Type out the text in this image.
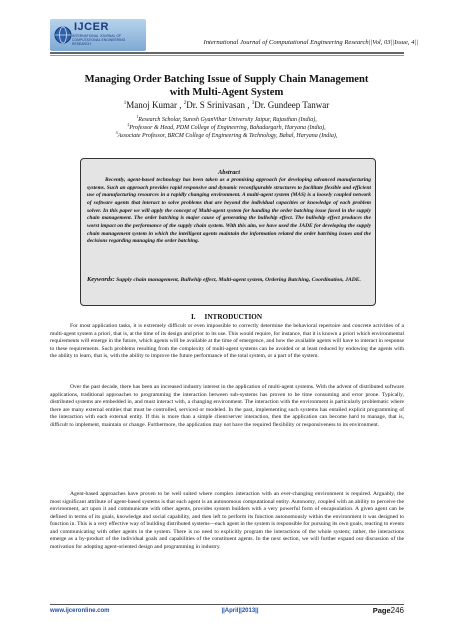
IJCER
INTERNATIONAL JOURNAL OF COMPUTATIONAL ENGINEERING RESEARCH	International Journal of Computational Engineering Research||Vol, 03||Issue, 4||
Managing Order Batching Issue of Supply Chain Management
with Multi-Agent System
$^1$Manoj Kumar , $^2$Dr. S Srinivasan , $^3$Dr. Gundeep Tanwar
$^1$Research Scholar, Suresh GyanVihar University Jaipur, Rajasthan (India),
$^2$Professor & Head, PDM College of Engineering, Bahadurgarh, Haryana (India),
$^3$Associate Professor, BRCM College of Engineering & Technology, Bahal, Haryana (India),
Abstract

Recently, agent-based technology has been taken as a promising approach for developing advanced manufacturing systems. Such an approach provides rapid responsive and dynamic reconfigurable structures to facilitate flexible and efficient use of manufacturing resources in a rapidly changing environment. A multi-agent system (MAS) is a loosely coupled network of software agents that interact to solve problems that are beyond the individual capacities or knowledge of each problem solver. In this paper we will apply the concept of Multi-agent system for handing the order batching issue faced in the supply chain management. The order batching is major cause of generating the bullwhip effect. The bullwhip effect produces the worst impact on the performance of the supply chain system. With this aim, we have used the JADE for developing the supply chain management system in which the intelligent agents maintain the information related the order batching issues and the decisions regarding managing the order batching.

Keywords: Supply chain management, Bullwhip effect, Multi-agent system, Ordering Batching, Coordination, JADE.

I. INTRODUCTION

For most application tasks, it is extremely difficult or even impossible to correctly determine the behavioral repertoire and concrete activities of a multi-agent system a priori, that is, at the time of its design and prior to its use. This would require, for instance, that it is known a priori which environmental requirements will emerge in the future, which agents will be available at the time of emergence, and how the available agents will have to interact in response to these requirements. Such problems resulting from the complexity of multi-agent systems can be avoided or at least reduced by endowing the agents with the ability to learn, that is, with the ability to improve the future performance of the total system, or a part of the system.

Over the past decade, there has been an increased industry interest in the application of multi-agent systems. With the advent of distributed software applications, traditional approaches to programming the interaction between sub-systems has proven to be time consuming and error prone. Typically, distributed systems are embedded in, and must interact with, a changing environment. The interaction with the environment is particularly problematic where there are many external entities that must be controlled, serviced or modeled. In the past, implementing such systems has entailed explicit programming of the interaction with each external entity. If this is more than a simple client/server interaction, then the application can become hard to manage, that is, difficult to implement, maintain or change. Furthermore, the application may not have the required flexibility or responsiveness to its environment.

Agent-based approaches have proven to be well suited where complex interaction with an ever-changing environment is required. Arguably, the most significant attribute of agent-based systems is that each agent is an autonomous computational entity. Autonomy, coupled with an ability to perceive the environment, act upon it and communicate with other agents, provides system builders with a very powerful form of encapsulation. A given agent can be defined in terms of its goals, knowledge and social capability, and then left to perform its function autonomously within the environment it was designed to function in. This is a very effective way of building distributed systems—each agent in the system is responsible for pursuing its own goals, reacting to events and communicating with other agents in the system. There is no need to explicitly program the interactions of the whole system; rather, the interactions emerge as a by-product of the individual goals and capabilities of the constituent agents. In the next section, we will further expand our discussion of the motivation for adopting agent-oriented design and programming in industry.

www.ijceronline.com	||April||2013||	Page246
